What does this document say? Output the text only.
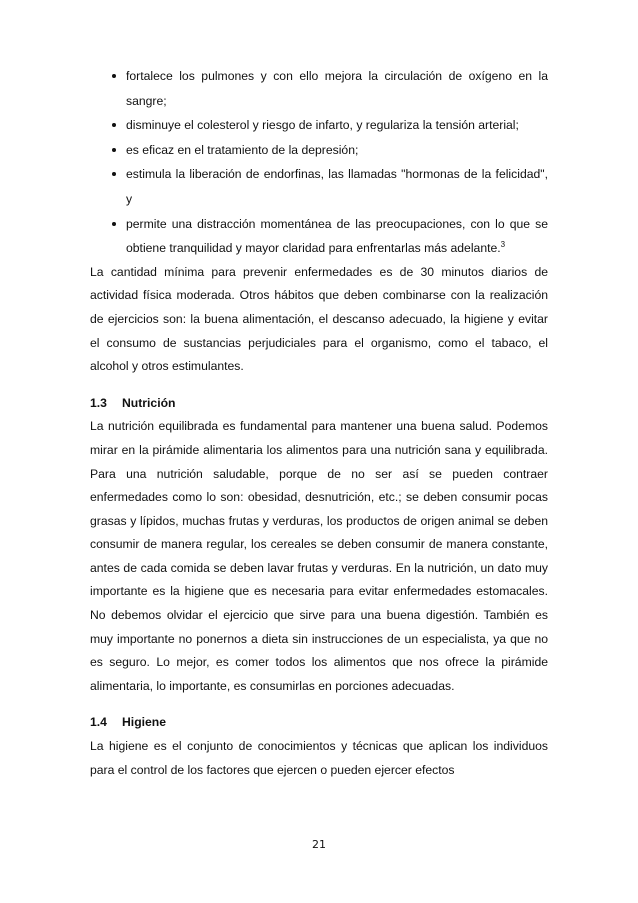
fortalece los pulmones y con ello mejora la circulación de oxígeno en la sangre;
disminuye el colesterol y riesgo de infarto, y regulariza la tensión arterial;
es eficaz en el tratamiento de la depresión;
estimula la liberación de endorfinas, las llamadas "hormonas de la felicidad", y
permite una distracción momentánea de las preocupaciones, con lo que se obtiene tranquilidad y mayor claridad para enfrentarlas más adelante.$^3$

La cantidad mínima para prevenir enfermedades es de 30 minutos diarios de actividad física moderada. Otros hábitos que deben combinarse con la realización de ejercicios son: la buena alimentación, el descanso adecuado, la higiene y evitar el consumo de sustancias perjudiciales para el organismo, como el tabaco, el alcohol y otros estimulantes.

1.3 Nutrición

La nutrición equilibrada es fundamental para mantener una buena salud. Podemos mirar en la pirámide alimentaria los alimentos para una nutrición sana y equilibrada. Para una nutrición saludable, porque de no ser así se pueden contraer enfermedades como lo son: obesidad, desnutrición, etc.; se deben consumir pocas grasas y lípidos, muchas frutas y verduras, los productos de origen animal se deben consumir de manera regular, los cereales se deben consumir de manera constante, antes de cada comida se deben lavar frutas y verduras. En la nutrición, un dato muy importante es la higiene que es necesaria para evitar enfermedades estomacales. No debemos olvidar el ejercicio que sirve para una buena digestión. También es muy importante no ponernos a dieta sin instrucciones de un especialista, ya que no es seguro. Lo mejor, es comer todos los alimentos que nos ofrece la pirámide alimentaria, lo importante, es consumirlas en porciones adecuadas.

1.4 Higiene

La higiene es el conjunto de conocimientos y técnicas que aplican los individuos para el control de los factores que ejercen o pueden ejercer efectos

21
